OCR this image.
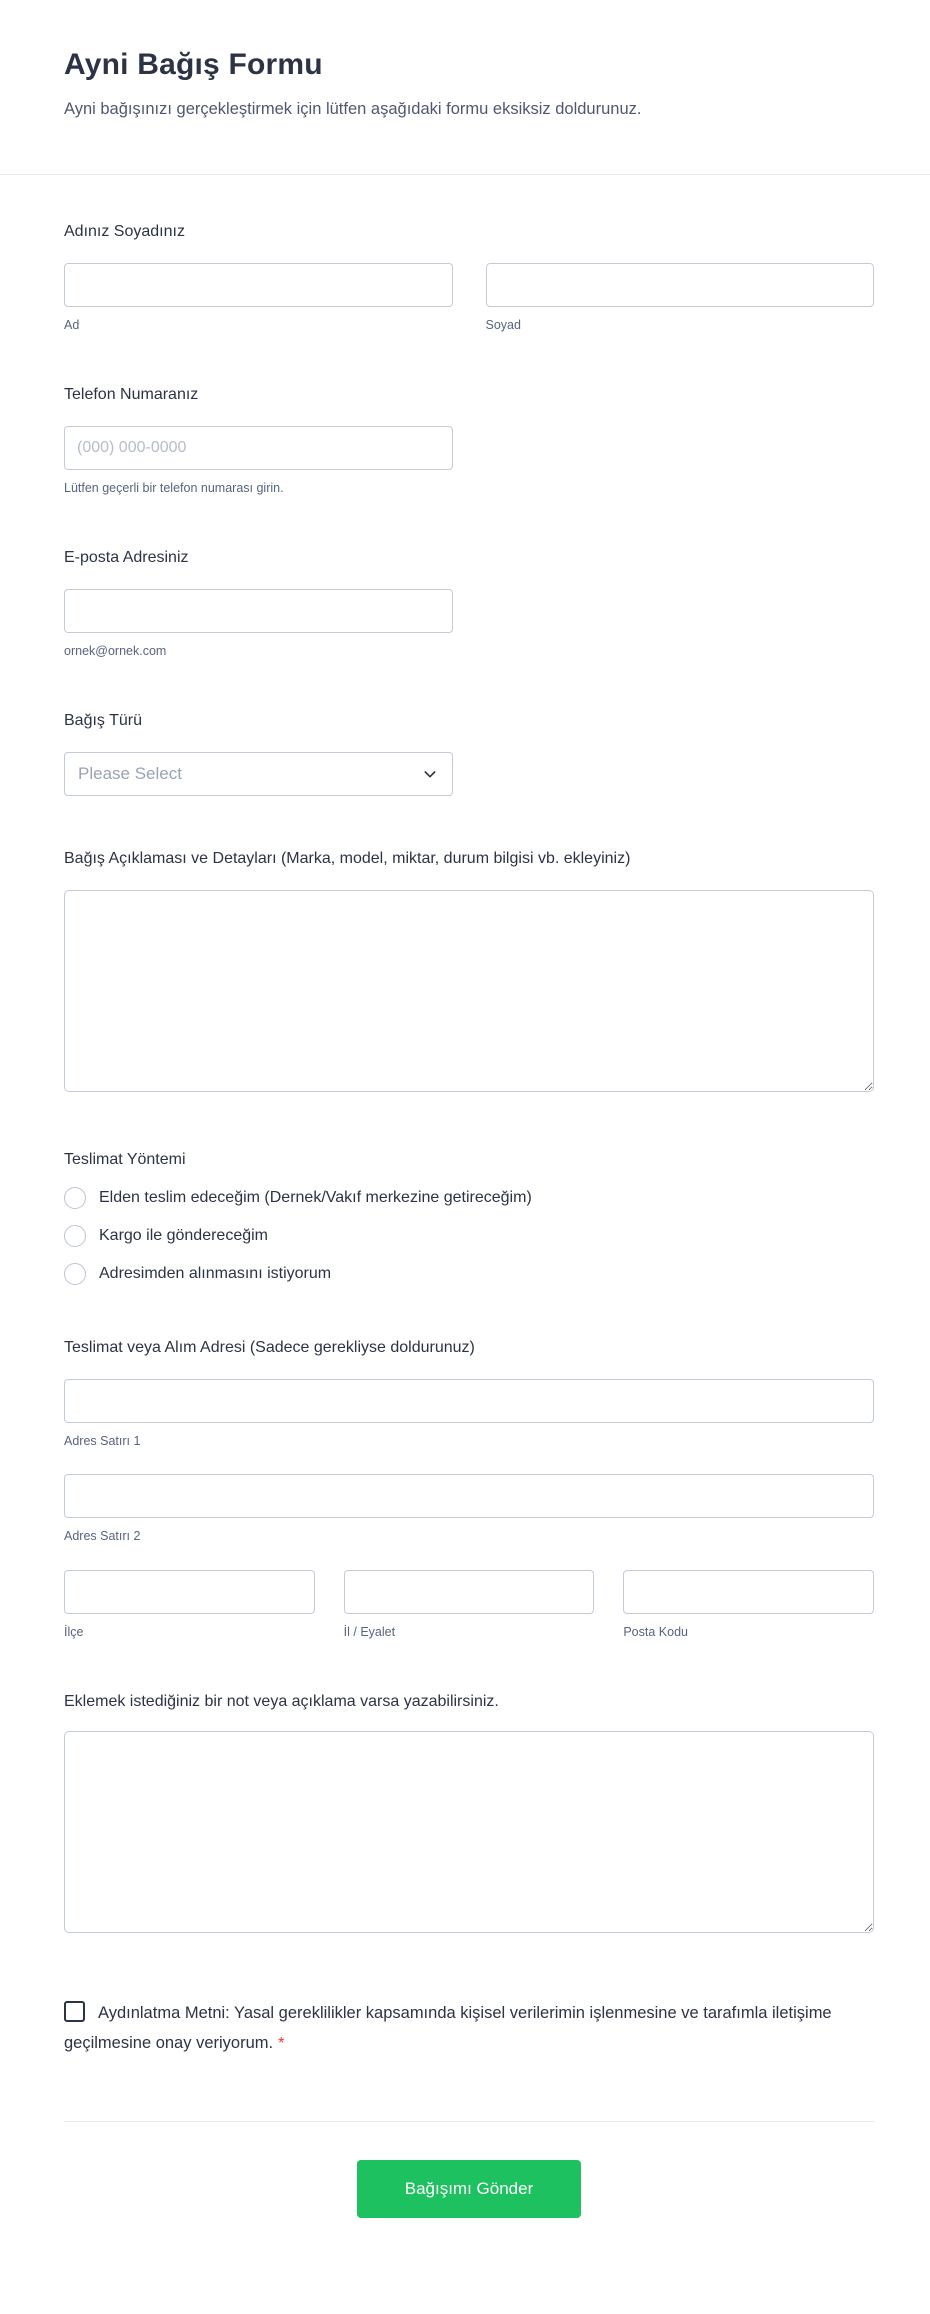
Ayni Bağış Formu

Ayni bağışınızı gerçekleştirmek için lütfen aşağıdaki formu eksiksiz doldurunuz.

Adınız Soyadınız
Ad	Soyad
Telefon Numaranız
(000) 000-0000
Lütfen geçerli bir telefon numarası girin.
E-posta Adresiniz
ornek@ornek.com
Bağış Türü
Please Select
Bağış Açıklaması ve Detayları (Marka, model, miktar, durum bilgisi vb. ekleyiniz)
Teslimat Yöntemi
Elden teslim edeceğim (Dernek/Vakıf merkezine getireceğim)
Kargo ile göndereceğim
Adresimden alınmasını istiyorum
Teslimat veya Alım Adresi (Sadece gerekliyse doldurunuz)
Adres Satırı 1
Adres Satırı 2
İlçe	İl / Eyalet	Posta Kodu
Eklemek istediğiniz bir not veya açıklama varsa yazabilirsiniz.
Aydınlatma Metni: Yasal gereklilikler kapsamında kişisel verilerimin işlenmesine ve tarafımla iletişime geçilmesine onay veriyorum. *
Bağışımı Gönder
